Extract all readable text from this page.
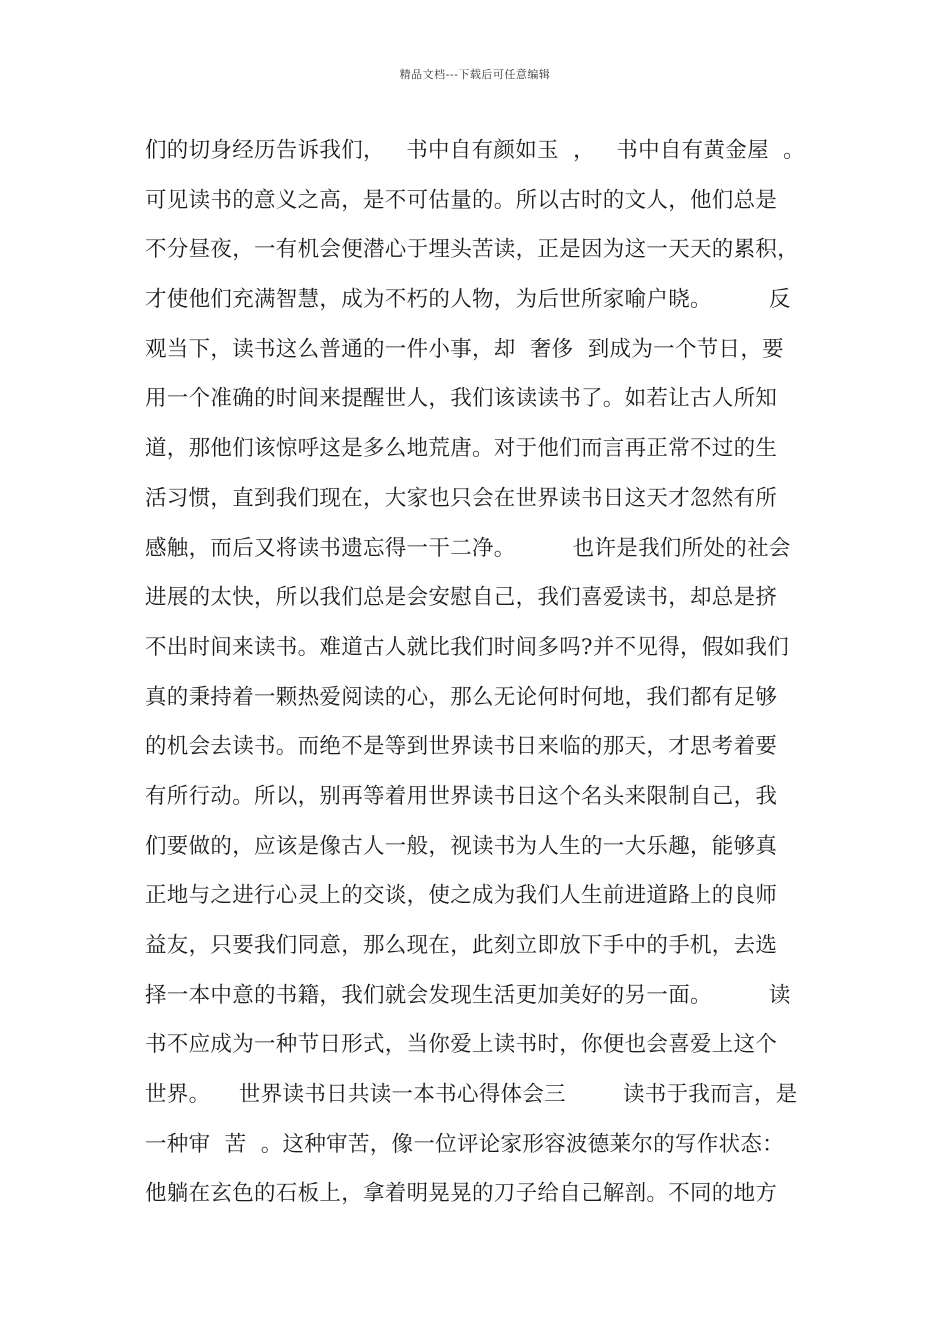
精品文档---下载后可任意编辑
们的切身经历告诉我们，   书中自有颜如玉  ，   书中自有黄金屋  。
可见读书的意义之高，是不可估量的。所以古时的文人，他们总是
不分昼夜，一有机会便潜心于埋头苦读，正是因为这一天天的累积，
才使他们充满智慧，成为不朽的人物，为后世所家喻户晓。        反
观当下，读书这么普通的一件小事，却  奢侈  到成为一个节日，要
用一个准确的时间来提醒世人，我们该读读书了。如若让古人所知
道，那他们该惊呼这是多么地荒唐。对于他们而言再正常不过的生
活习惯，直到我们现在，大家也只会在世界读书日这天才忽然有所
感触，而后又将读书遗忘得一干二净。        也许是我们所处的社会
进展的太快，所以我们总是会安慰自己，我们喜爱读书，却总是挤
不出时间来读书。难道古人就比我们时间多吗?并不见得，假如我们
真的秉持着一颗热爱阅读的心，那么无论何时何地，我们都有足够
的机会去读书。而绝不是等到世界读书日来临的那天，才思考着要
有所行动。所以，别再等着用世界读书日这个名头来限制自己，我
们要做的，应该是像古人一般，视读书为人生的一大乐趣，能够真
正地与之进行心灵上的交谈，使之成为我们人生前进道路上的良师
益友，只要我们同意，那么现在，此刻立即放下手中的手机，去选
择一本中意的书籍，我们就会发现生活更加美好的另一面。        读
书不应成为一种节日形式，当你爱上读书时，你便也会喜爱上这个
世界。    世界读书日共读一本书心得体会三        读书于我而言，是
一种审  苦  。这种审苦，像一位评论家形容波德莱尔的写作状态：
他躺在玄色的石板上，拿着明晃晃的刀子给自己解剖。不同的地方
